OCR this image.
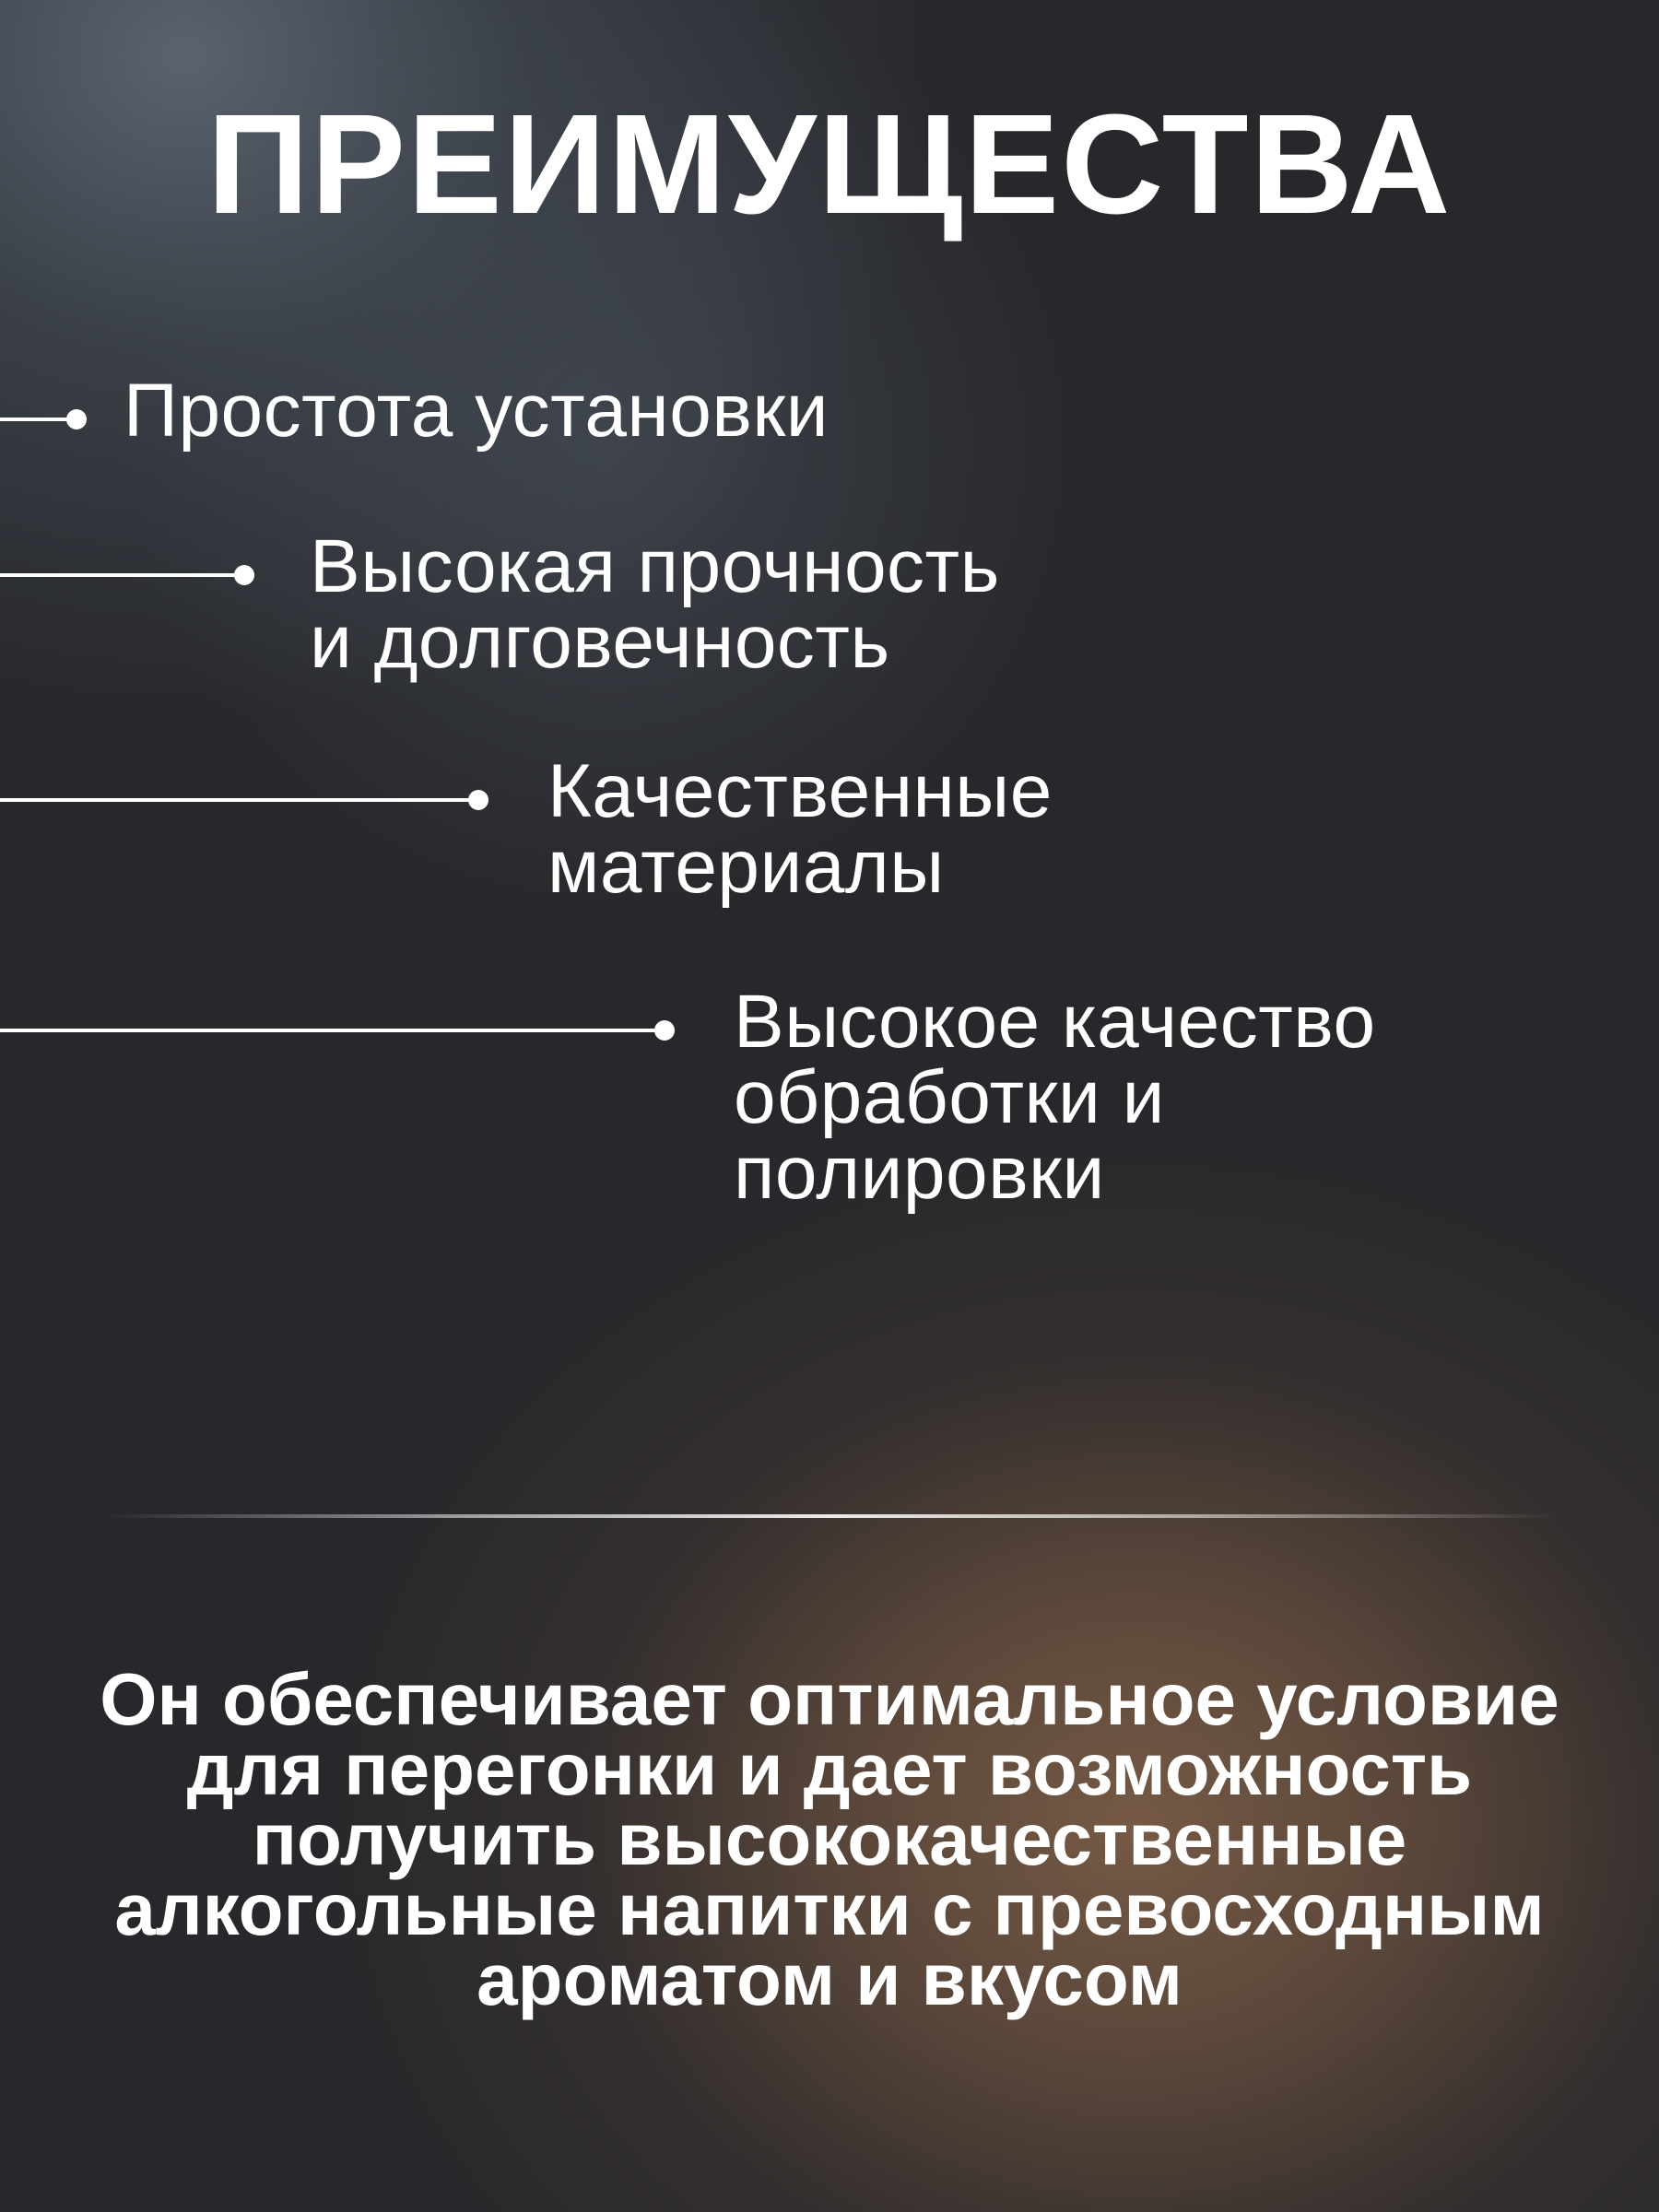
ПРЕИМУЩЕСТВА
Простота установки
Высокая прочность
и долговечность
Качественные
материалы
Высокое качество
обработки и
полировки
Он обеспечивает оптимальное условие
для перегонки и дает возможность
получить высококачественные
алкогольные напитки с превосходным
ароматом и вкусом
